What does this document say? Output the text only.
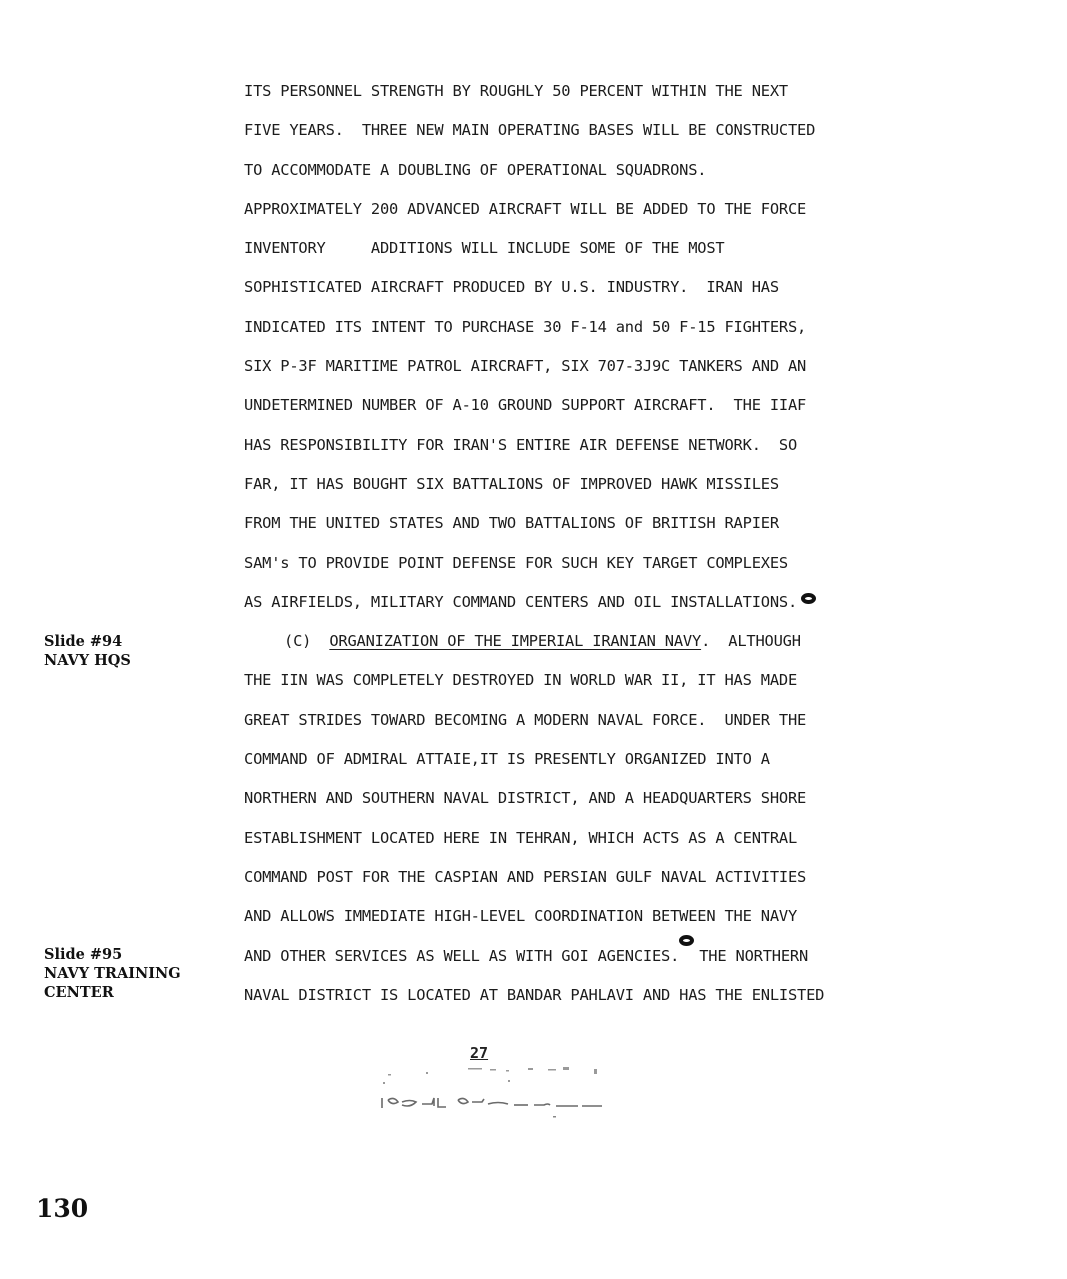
Slide #94
NAVY HQS
Slide #95
NAVY TRAINING
CENTER
ITS PERSONNEL STRENGTH BY ROUGHLY 50 PERCENT WITHIN THE NEXT
FIVE YEARS.  THREE NEW MAIN OPERATING BASES WILL BE CONSTRUCTED
TO ACCOMMODATE A DOUBLING OF OPERATIONAL SQUADRONS.
APPROXIMATELY 200 ADVANCED AIRCRAFT WILL BE ADDED TO THE FORCE
INVENTORY     ADDITIONS WILL INCLUDE SOME OF THE MOST
SOPHISTICATED AIRCRAFT PRODUCED BY U.S. INDUSTRY.  IRAN HAS
INDICATED ITS INTENT TO PURCHASE 30 F-14 and 50 F-15 FIGHTERS,
SIX P-3F MARITIME PATROL AIRCRAFT, SIX 707-3J9C TANKERS AND AN
UNDETERMINED NUMBER OF A-10 GROUND SUPPORT AIRCRAFT.  THE IIAF
HAS RESPONSIBILITY FOR IRAN'S ENTIRE AIR DEFENSE NETWORK.  SO
FAR, IT HAS BOUGHT SIX BATTALIONS OF IMPROVED HAWK MISSILES
FROM THE UNITED STATES AND TWO BATTALIONS OF BRITISH RAPIER
SAM's TO PROVIDE POINT DEFENSE FOR SUCH KEY TARGET COMPLEXES
AS AIRFIELDS, MILITARY COMMAND CENTERS AND OIL INSTALLATIONS.
(C) ORGANIZATION OF THE IMPERIAL IRANIAN NAVY.  ALTHOUGH
THE IIN WAS COMPLETELY DESTROYED IN WORLD WAR II, IT HAS MADE
GREAT STRIDES TOWARD BECOMING A MODERN NAVAL FORCE.  UNDER THE
COMMAND OF ADMIRAL ATTAIE,IT IS PRESENTLY ORGANIZED INTO A
NORTHERN AND SOUTHERN NAVAL DISTRICT, AND A HEADQUARTERS SHORE
ESTABLISHMENT LOCATED HERE IN TEHRAN, WHICH ACTS AS A CENTRAL
COMMAND POST FOR THE CASPIAN AND PERSIAN GULF NAVAL ACTIVITIES
AND ALLOWS IMMEDIATE HIGH-LEVEL COORDINATION BETWEEN THE NAVY
AND OTHER SERVICES AS WELL AS WITH GOI AGENCIES. THE NORTHERN
NAVAL DISTRICT IS LOCATED AT BANDAR PAHLAVI AND HAS THE ENLISTED
27
130
